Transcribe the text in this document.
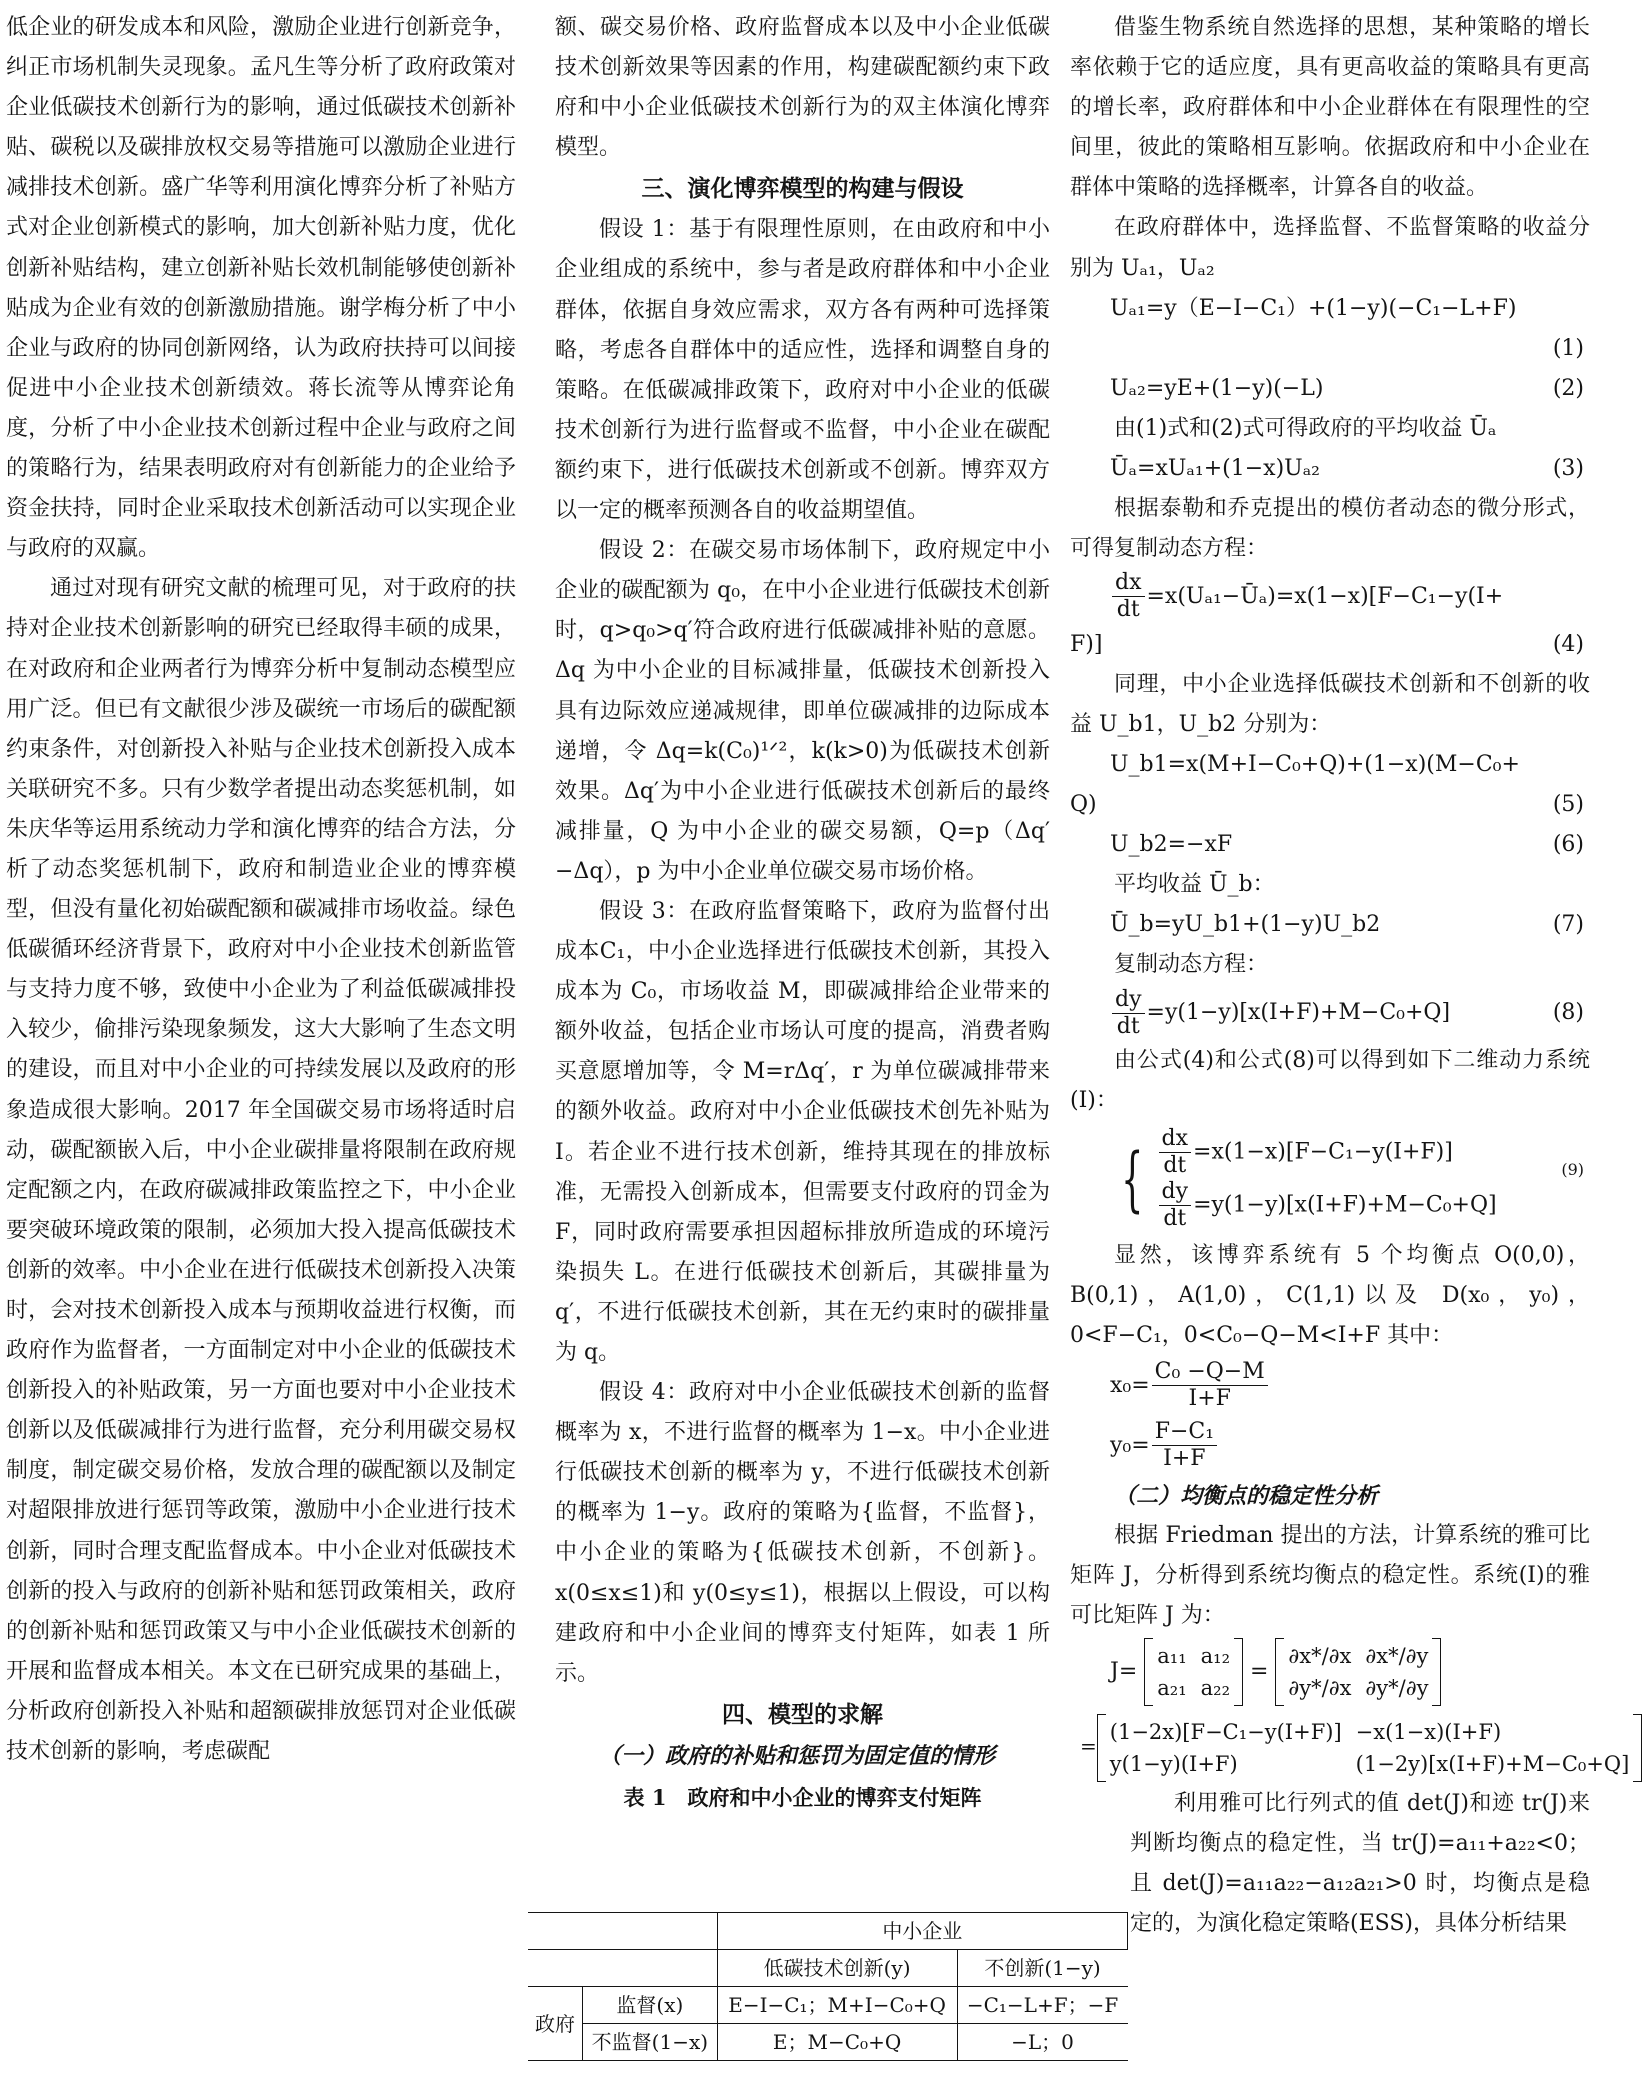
低企业的研发成本和风险，激励企业进行创新竞争，纠正市场机制失灵现象。孟凡生等分析了政府政策对企业低碳技术创新行为的影响，通过低碳技术创新补贴、碳税以及碳排放权交易等措施可以激励企业进行减排技术创新。盛广华等利用演化博弈分析了补贴方式对企业创新模式的影响，加大创新补贴力度，优化创新补贴结构，建立创新补贴长效机制能够使创新补贴成为企业有效的创新激励措施。谢学梅分析了中小企业与政府的协同创新网络，认为政府扶持可以间接促进中小企业技术创新绩效。蒋长流等从博弈论角度，分析了中小企业技术创新过程中企业与政府之间的策略行为，结果表明政府对有创新能力的企业给予资金扶持，同时企业采取技术创新活动可以实现企业与政府的双赢。

通过对现有研究文献的梳理可见，对于政府的扶持对企业技术创新影响的研究已经取得丰硕的成果，在对政府和企业两者行为博弈分析中复制动态模型应用广泛。但已有文献很少涉及碳统一市场后的碳配额约束条件，对创新投入补贴与企业技术创新投入成本关联研究不多。只有少数学者提出动态奖惩机制，如朱庆华等运用系统动力学和演化博弈的结合方法，分析了动态奖惩机制下，政府和制造业企业的博弈模型，但没有量化初始碳配额和碳减排市场收益。绿色低碳循环经济背景下，政府对中小企业技术创新监管与支持力度不够，致使中小企业为了利益低碳减排投入较少，偷排污染现象频发，这大大影响了生态文明的建设，而且对中小企业的可持续发展以及政府的形象造成很大影响。2017 年全国碳交易市场将适时启动，碳配额嵌入后，中小企业碳排量将限制在政府规定配额之内，在政府碳减排政策监控之下，中小企业要突破环境政策的限制，必须加大投入提高低碳技术创新的效率。中小企业在进行低碳技术创新投入决策时，会对技术创新投入成本与预期收益进行权衡，而政府作为监督者，一方面制定对中小企业的低碳技术创新投入的补贴政策，另一方面也要对中小企业技术创新以及低碳减排行为进行监督，充分利用碳交易权制度，制定碳交易价格，发放合理的碳配额以及制定对超限排放进行惩罚等政策，激励中小企业进行技术创新，同时合理支配监督成本。中小企业对低碳技术创新的投入与政府的创新补贴和惩罚政策相关，政府的创新补贴和惩罚政策又与中小企业低碳技术创新的开展和监督成本相关。本文在已研究成果的基础上，分析政府创新投入补贴和超额碳排放惩罚对企业低碳技术创新的影响，考虑碳配

额、碳交易价格、政府监督成本以及中小企业低碳技术创新效果等因素的作用，构建碳配额约束下政府和中小企业低碳技术创新行为的双主体演化博弈模型。

三、演化博弈模型的构建与假设

假设 1：基于有限理性原则，在由政府和中小企业组成的系统中，参与者是政府群体和中小企业群体，依据自身效应需求，双方各有两种可选择策略，考虑各自群体中的适应性，选择和调整自身的策略。在低碳减排政策下，政府对中小企业的低碳技术创新行为进行监督或不监督，中小企业在碳配额约束下，进行低碳技术创新或不创新。博弈双方以一定的概率预测各自的收益期望值。

假设 2：在碳交易市场体制下，政府规定中小企业的碳配额为 q₀，在中小企业进行低碳技术创新时，q>q₀>q′符合政府进行低碳减排补贴的意愿。Δq 为中小企业的目标减排量，低碳技术创新投入具有边际效应递减规律，即单位碳减排的边际成本递增，令 Δq=k(C₀)¹ᐟ²，k(k>0)为低碳技术创新效果。Δq′为中小企业进行低碳技术创新后的最终减排量，Q 为中小企业的碳交易额，Q=p（Δq′−Δq），p 为中小企业单位碳交易市场价格。

假设 3：在政府监督策略下，政府为监督付出成本C₁，中小企业选择进行低碳技术创新，其投入成本为 C₀，市场收益 M，即碳减排给企业带来的额外收益，包括企业市场认可度的提高，消费者购买意愿增加等，令 M=rΔq′，r 为单位碳减排带来的额外收益。政府对中小企业低碳技术创先补贴为I。若企业不进行技术创新，维持其现在的排放标准，无需投入创新成本，但需要支付政府的罚金为 F，同时政府需要承担因超标排放所造成的环境污染损失 L。在进行低碳技术创新后，其碳排量为 q′，不进行低碳技术创新，其在无约束时的碳排量为 q。

假设 4：政府对中小企业低碳技术创新的监督概率为 x，不进行监督的概率为 1−x。中小企业进行低碳技术创新的概率为 y，不进行低碳技术创新的概率为 1−y。政府的策略为{监督，不监督}，中小企业的策略为{低碳技术创新，不创新}。x(0≤x≤1)和 y(0≤y≤1)，根据以上假设，可以构建政府和中小企业间的博弈支付矩阵，如表 1 所示。

四、模型的求解
（一）政府的补贴和惩罚为固定值的情形
表 1　政府和中小企业的博弈支付矩阵
		中小企业	
		低碳技术创新(y)	不创新(1−y)
政府	监督(x)	E−I−C₁；M+I−C₀+Q	−C₁−L+F；−F
	不监督(1−x)	E；M−C₀+Q	−L；0

借鉴生物系统自然选择的思想，某种策略的增长率依赖于它的适应度，具有更高收益的策略具有更高的增长率，政府群体和中小企业群体在有限理性的空间里，彼此的策略相互影响。依据政府和中小企业在群体中策略的选择概率，计算各自的收益。

在政府群体中，选择监督、不监督策略的收益分别为 Uₐ₁，Uₐ₂

Uₐ₁=y（E−I−C₁）+(1−y)(−C₁−L+F)
(1)

Uₐ₂=yE+(1−y)(−L)	(2)

由(1)式和(2)式可得政府的平均收益 Ūₐ

Ūₐ=xUₐ₁+(1−x)Uₐ₂	(3)

根据泰勒和乔克提出的模仿者动态的微分形式，可得复制动态方程：

$\frac{dx}{dt}$ =x(Uₐ₁−Ūₐ)=x(1−x)[F−C₁−y(I+
F)]	(4)

同理，中小企业选择低碳技术创新和不创新的收益 U_b1，U_b2 分别为：

U_b1=x(M+I−C₀+Q)+(1−x)(M−C₀+
Q)	(5)
U_b2=−xF	(6)

平均收益 Ū_b：

Ū_b=yU_b1+(1−y)U_b2	(7)

复制动态方程：

$\frac{dy}{dt} =y(1-y)[x(I+F)+M-C_0+Q]$	(8)

由公式(4)和公式(8)可以得到如下二维动力系统(I)：

{ $\frac{dx}{dt} =x(1-x)[F-C_1-y(I+F)]$
$\frac{dy}{dt} =y(1-y)[x(I+F)+M-C_0+Q]$
(9)

显然，该博弈系统有 5 个均衡点 O(0,0)，B(0,1)，A(1,0)，C(1,1)以及 D(x₀，y₀)，0<F−C₁，0<C₀−Q−M<I+F 其中：

$x_0= \frac{\text{C₀ −Q−M}}{I+F}$
$y_0= \frac{\text{F−C₁}}{I+F}$
（二）均衡点的稳定性分析

根据 Friedman 提出的方法，计算系统的雅可比矩阵 J，分析得到系统均衡点的稳定性。系统(I)的雅可比矩阵 J 为：

J=
a₁₁ a₁₂
a₂₁ a₂₂
=
∂x*/∂x ∂x*/∂y
∂y*/∂x ∂y*/∂y
=
(1−2x)[F−C₁−y(I+F)] −x(1−x)(I+F)
y(1−y)(I+F)	(1−2y)[x(I+F)+M−C₀+Q]

利用雅可比行列式的值 det(J)和迹 tr(J)来判断均衡点的稳定性，当 tr(J)=a₁₁+a₂₂<0；且 det(J)=a₁₁a₂₂−a₁₂a₂₁>0 时，均衡点是稳定的，为演化稳定策略(ESS)，具体分析结果
